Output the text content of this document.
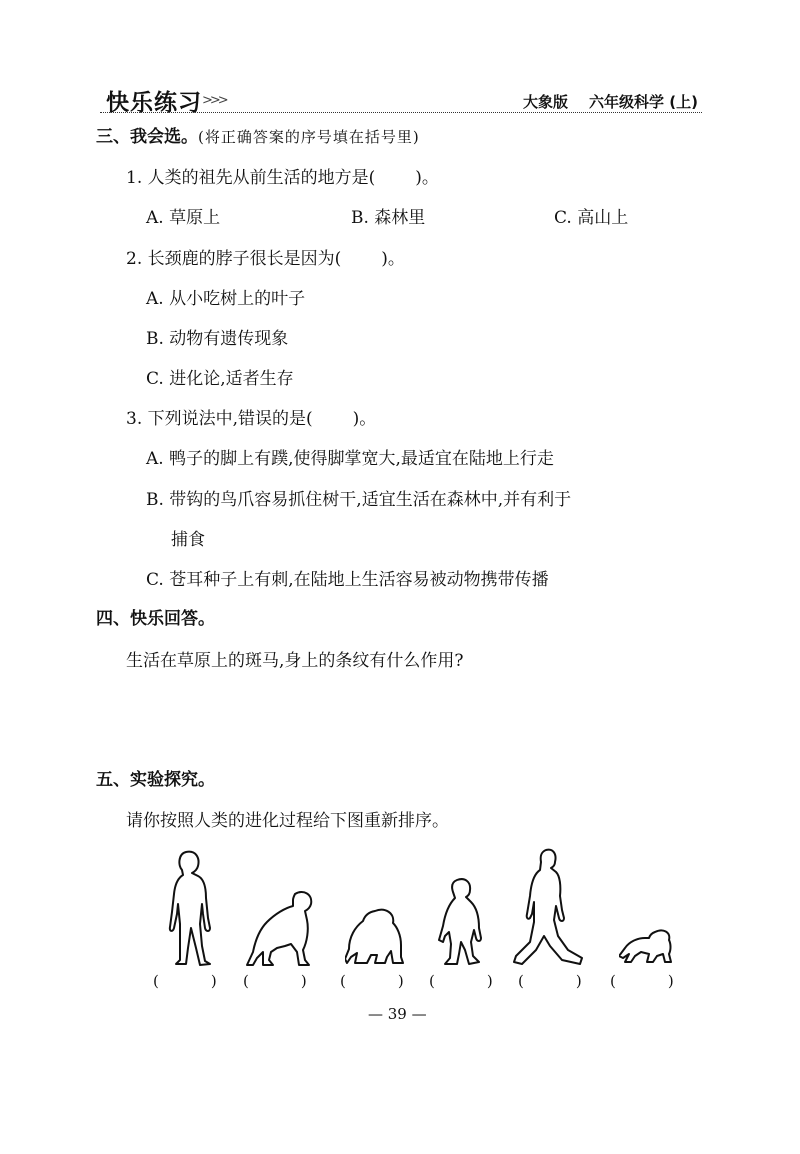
快乐练习 >>>	大象版 六年级科学 (上)
三、我会选。(将正确答案的序号填在括号里)
1. 人类的祖先从前生活的地方是( )。
A. 草原上	B. 森林里	C. 高山上
2. 长颈鹿的脖子很长是因为( )。
A. 从小吃树上的叶子
B. 动物有遗传现象
C. 进化论,适者生存
3. 下列说法中,错误的是( )。
A. 鸭子的脚上有蹼,使得脚掌宽大,最适宜在陆地上行走
B. 带钩的鸟爪容易抓住树干,适宜生活在森林中,并有利于
捕食
C. 苍耳种子上有刺,在陆地上生活容易被动物携带传播
四、快乐回答。
生活在草原上的斑马,身上的条纹有什么作用?
五、实验探究。
请你按照人类的进化过程给下图重新排序。
(	) (	) (	) (	) (	) (	)
— 39 —
